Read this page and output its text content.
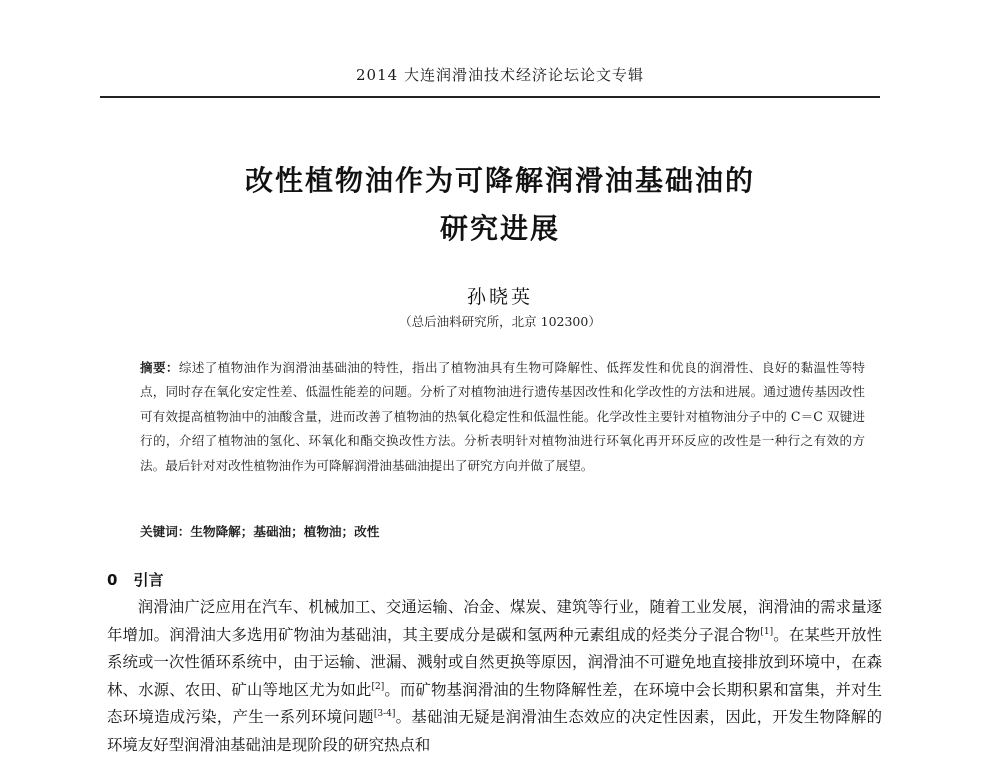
2014 大连润滑油技术经济论坛论文专辑
改性植物油作为可降解润滑油基础油的
研究进展
孙晓英
（总后油料研究所，北京 102300）
摘要：综述了植物油作为润滑油基础油的特性，指出了植物油具有生物可降解性、低挥发性和优良的润滑性、良好的黏温性等特点，同时存在氧化安定性差、低温性能差的问题。分析了对植物油进行遗传基因改性和化学改性的方法和进展。通过遗传基因改性可有效提高植物油中的油酸含量，进而改善了植物油的热氧化稳定性和低温性能。化学改性主要针对植物油分子中的 C＝C 双键进行的，介绍了植物油的氢化、环氧化和酯交换改性方法。分析表明针对植物油进行环氧化再开环反应的改性是一种行之有效的方法。最后针对对改性植物油作为可降解润滑油基础油提出了研究方向并做了展望。
关键词：生物降解；基础油；植物油；改性
0 引言

润滑油广泛应用在汽车、机械加工、交通运输、冶金、煤炭、建筑等行业，随着工业发展，润滑油的需求量逐年增加。润滑油大多选用矿物油为基础油，其主要成分是碳和氢两种元素组成的烃类分子混合物[1]。在某些开放性系统或一次性循环系统中，由于运输、泄漏、溅射或自然更换等原因，润滑油不可避免地直接排放到环境中，在森林、水源、农田、矿山等地区尤为如此[2]。而矿物基润滑油的生物降解性差，在环境中会长期积累和富集，并对生态环境造成污染，产生一系列环境问题[3-4]。基础油无疑是润滑油生态效应的决定性因素，因此，开发生物降解的环境友好型润滑油基础油是现阶段的研究热点和
